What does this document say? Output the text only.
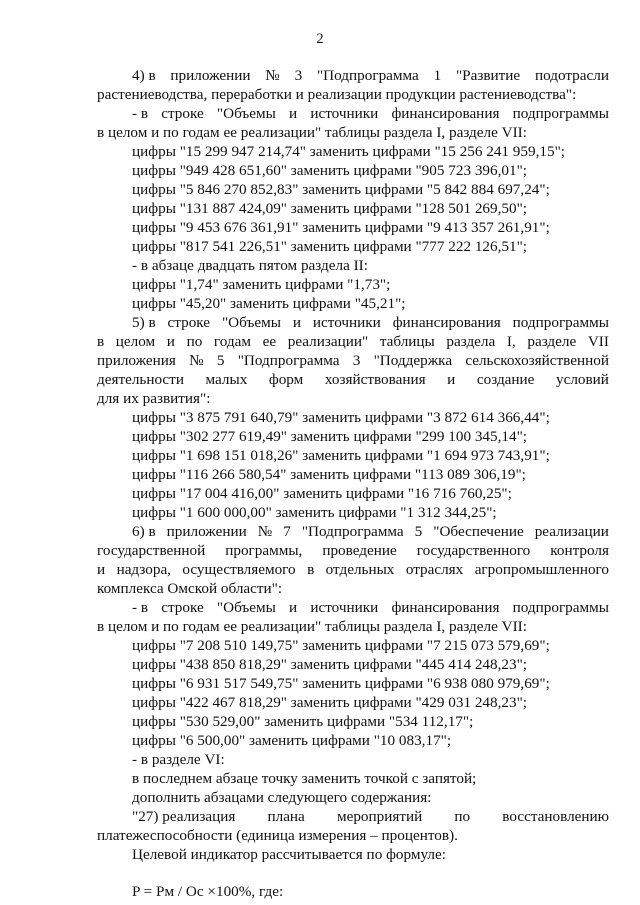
2
4) в приложении № 3 "Подпрограмма 1 "Развитие подотрасли
растениеводства, переработки и реализации продукции растениеводства":
- в строке "Объемы и источники финансирования подпрограммы
в целом и по годам ее реализации" таблицы раздела I, разделе VII:
цифры "15 299 947 214,74" заменить цифрами "15 256 241 959,15";
цифры "949 428 651,60" заменить цифрами "905 723 396,01";
цифры "5 846 270 852,83" заменить цифрами "5 842 884 697,24";
цифры "131 887 424,09" заменить цифрами "128 501 269,50";
цифры "9 453 676 361,91" заменить цифрами "9 413 357 261,91";
цифры "817 541 226,51" заменить цифрами "777 222 126,51";
- в абзаце двадцать пятом раздела II:
цифры "1,74" заменить цифрами "1,73";
цифры "45,20" заменить цифрами "45,21";
5) в строке "Объемы и источники финансирования подпрограммы
в целом и по годам ее реализации" таблицы раздела I, разделе VII
приложения № 5 "Подпрограмма 3 "Поддержка сельскохозяйственной
деятельности малых форм хозяйствования и создание условий
для их развития":
цифры "3 875 791 640,79" заменить цифрами "3 872 614 366,44";
цифры "302 277 619,49" заменить цифрами "299 100 345,14";
цифры "1 698 151 018,26" заменить цифрами "1 694 973 743,91";
цифры "116 266 580,54" заменить цифрами "113 089 306,19";
цифры "17 004 416,00" заменить цифрами "16 716 760,25";
цифры "1 600 000,00" заменить цифрами "1 312 344,25";
6) в приложении № 7 "Подпрограмма 5 "Обеспечение реализации
государственной программы, проведение государственного контроля
и надзора, осуществляемого в отдельных отраслях агропромышленного
комплекса Омской области":
- в строке "Объемы и источники финансирования подпрограммы
в целом и по годам ее реализации" таблицы раздела I, разделе VII:
цифры "7 208 510 149,75" заменить цифрами "7 215 073 579,69";
цифры "438 850 818,29" заменить цифрами "445 414 248,23";
цифры "6 931 517 549,75" заменить цифрами "6 938 080 979,69";
цифры "422 467 818,29" заменить цифрами "429 031 248,23";
цифры "530 529,00" заменить цифрами "534 112,17";
цифры "6 500,00" заменить цифрами "10 083,17";
- в разделе VI:
в последнем абзаце точку заменить точкой с запятой;
дополнить абзацами следующего содержания:
"27) реализация плана мероприятий по восстановлению
платежеспособности (единица измерения – процентов).
Целевой индикатор рассчитывается по формуле:
P = Pм / Oс ×100%, где:
